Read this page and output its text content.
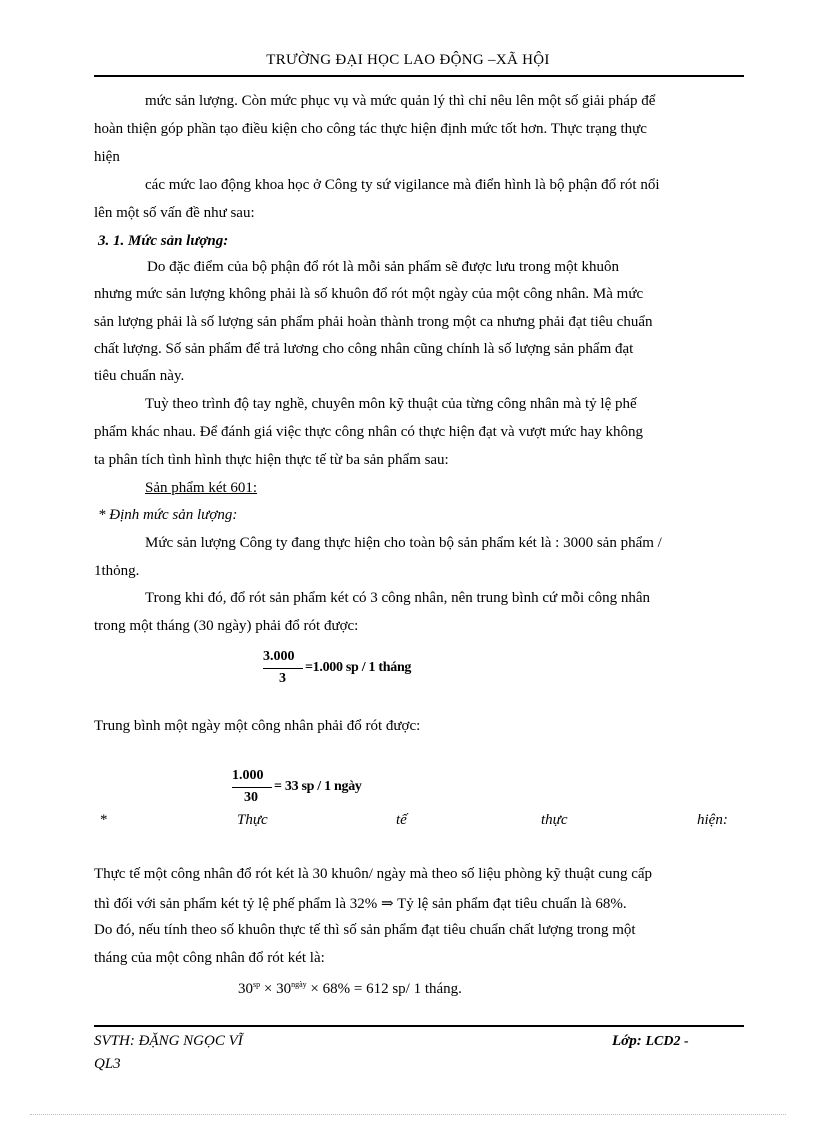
TRƯỜNG ĐẠI HỌC LAO ĐỘNG –XÃ HỘI
mức sản lượng. Còn mức phục vụ và mức quản lý thì chỉ nêu lên một số giải pháp để
hoàn thiện góp phần tạo điều kiện cho công tác thực hiện định mức tốt hơn. Thực trạng thực
hiện
các mức lao động khoa học ở Công ty sứ vigilance mà điển hình là bộ phận đổ rót nổi
lên một số vấn đề như sau:
3. 1. Mức sản lượng:
Do đặc điểm của bộ phận đổ rót là mỗi sản phẩm sẽ được lưu trong một khuôn
nhưng mức sản lượng không phải là số khuôn đổ rót một ngày của một công nhân. Mà mức
sản lượng phải là số lượng sản phẩm phải hoàn thành trong một ca nhưng phải đạt tiêu chuẩn
chất lượng. Số sản phẩm để trả lương cho công nhân cũng chính là số lượng sản phẩm đạt
tiêu chuẩn này.
Tuỳ theo trình độ tay nghề, chuyên môn kỹ thuật của từng công nhân mà tỷ lệ phế
phẩm khác nhau. Để đánh giá việc thực công nhân có thực hiện đạt và vượt mức hay không
ta phân tích tình hình thực hiện thực tế từ ba sản phẩm sau:
Sản phẩm két 601:
* Định mức sản lượng:
Mức sản lượng Công ty đang thực hiện cho toàn bộ sản phẩm két là : 3000 sản phẩm /
1thỏng.
Trong khi đó, đổ rót sản phẩm két có 3 công nhân, nên trung bình cứ mỗi công nhân
trong một tháng (30 ngày) phải đổ rót được:
3.000
3
=1.000 sp / 1 tháng
Trung bình một ngày một công nhân phải đổ rót được:
1.000
30
= 33 sp / 1 ngày
*	Thực	tế	thực	hiện:
Thực tế một công nhân đổ rót két là 30 khuôn/ ngày mà theo số liệu phòng kỹ thuật cung cấp
thì đối với sản phẩm két tỷ lệ phế phẩm là 32% ⇒ Tỷ lệ sản phẩm đạt tiêu chuẩn là 68%.
Do đó, nếu tính theo số khuôn thực tế thì số sản phẩm đạt tiêu chuẩn chất lượng trong một
tháng của một công nhân đổ rót két là:
$30^{sp} \times 30^{ngày} \times 68\% = 612$ sp/ 1 tháng.
SVTH: ĐẶNG NGỌC VĨ
QL3
Lớp: LCD2 -
